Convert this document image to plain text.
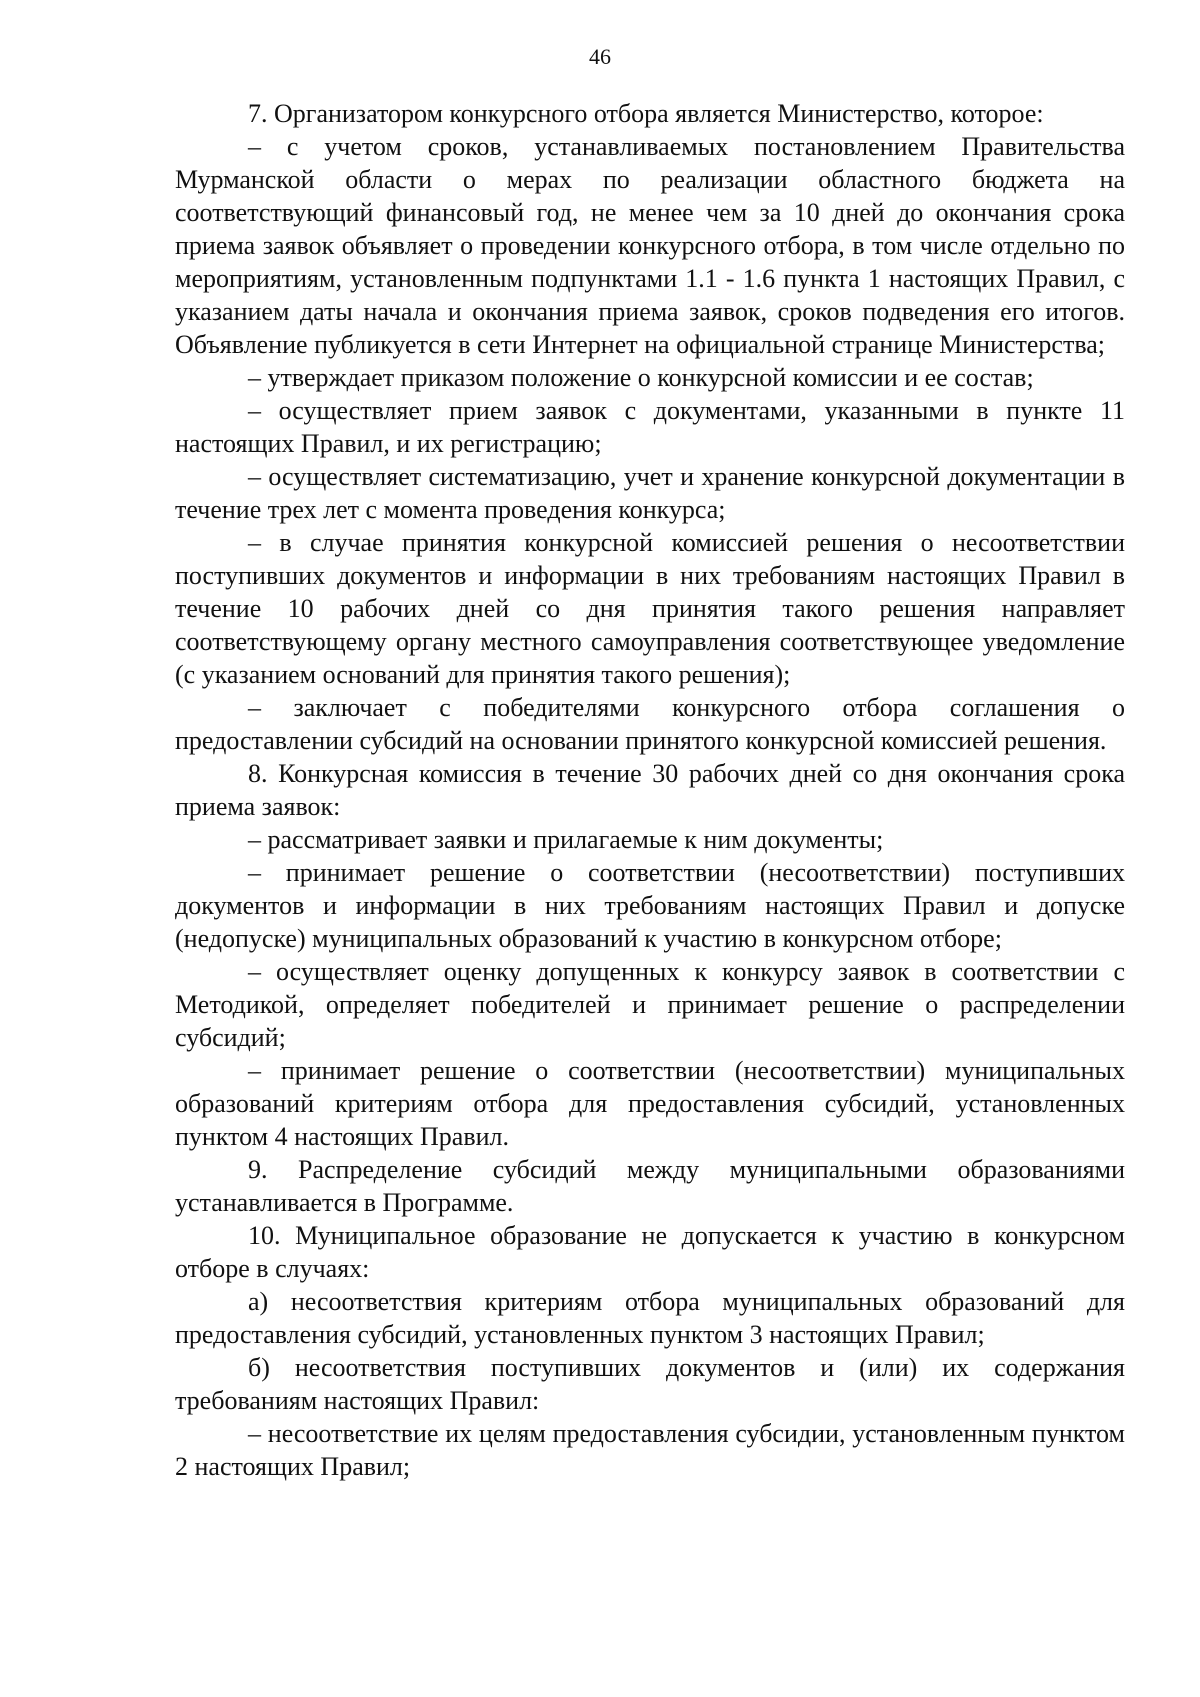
46

7. Организатором конкурсного отбора является Министерство, которое:

– с учетом сроков, устанавливаемых постановлением Правительства Мурманской области о мерах по реализации областного бюджета на соответствующий финансовый год, не менее чем за 10 дней до окончания срока приема заявок объявляет о проведении конкурсного отбора, в том числе отдельно по мероприятиям, установленным подпунктами 1.1 - 1.6 пункта 1 настоящих Правил, с указанием даты начала и окончания приема заявок, сроков подведения его итогов. Объявление публикуется в сети Интернет на официальной странице Министерства;

– утверждает приказом положение о конкурсной комиссии и ее состав;

– осуществляет прием заявок с документами, указанными в пункте 11 настоящих Правил, и их регистрацию;

– осуществляет систематизацию, учет и хранение конкурсной документации в течение трех лет с момента проведения конкурса;

– в случае принятия конкурсной комиссией решения о несоответствии поступивших документов и информации в них требованиям настоящих Правил в течение 10 рабочих дней со дня принятия такого решения направляет соответствующему органу местного самоуправления соответствующее уведомление (с указанием оснований для принятия такого решения);

– заключает с победителями конкурсного отбора соглашения о предоставлении субсидий на основании принятого конкурсной комиссией решения.

8. Конкурсная комиссия в течение 30 рабочих дней со дня окончания срока приема заявок:

– рассматривает заявки и прилагаемые к ним документы;

– принимает решение о соответствии (несоответствии) поступивших документов и информации в них требованиям настоящих Правил и допуске (недопуске) муниципальных образований к участию в конкурсном отборе;

– осуществляет оценку допущенных к конкурсу заявок в соответствии с Методикой, определяет победителей и принимает решение о распределении субсидий;

– принимает решение о соответствии (несоответствии) муниципальных образований критериям отбора для предоставления субсидий, установленных пунктом 4 настоящих Правил.

9. Распределение субсидий между муниципальными образованиями устанавливается в Программе.

10. Муниципальное образование не допускается к участию в конкурсном отборе в случаях:

а) несоответствия критериям отбора муниципальных образований для предоставления субсидий, установленных пунктом 3 настоящих Правил;

б) несоответствия поступивших документов и (или) их содержания требованиям настоящих Правил:

– несоответствие их целям предоставления субсидии, установленным пунктом 2 настоящих Правил;
